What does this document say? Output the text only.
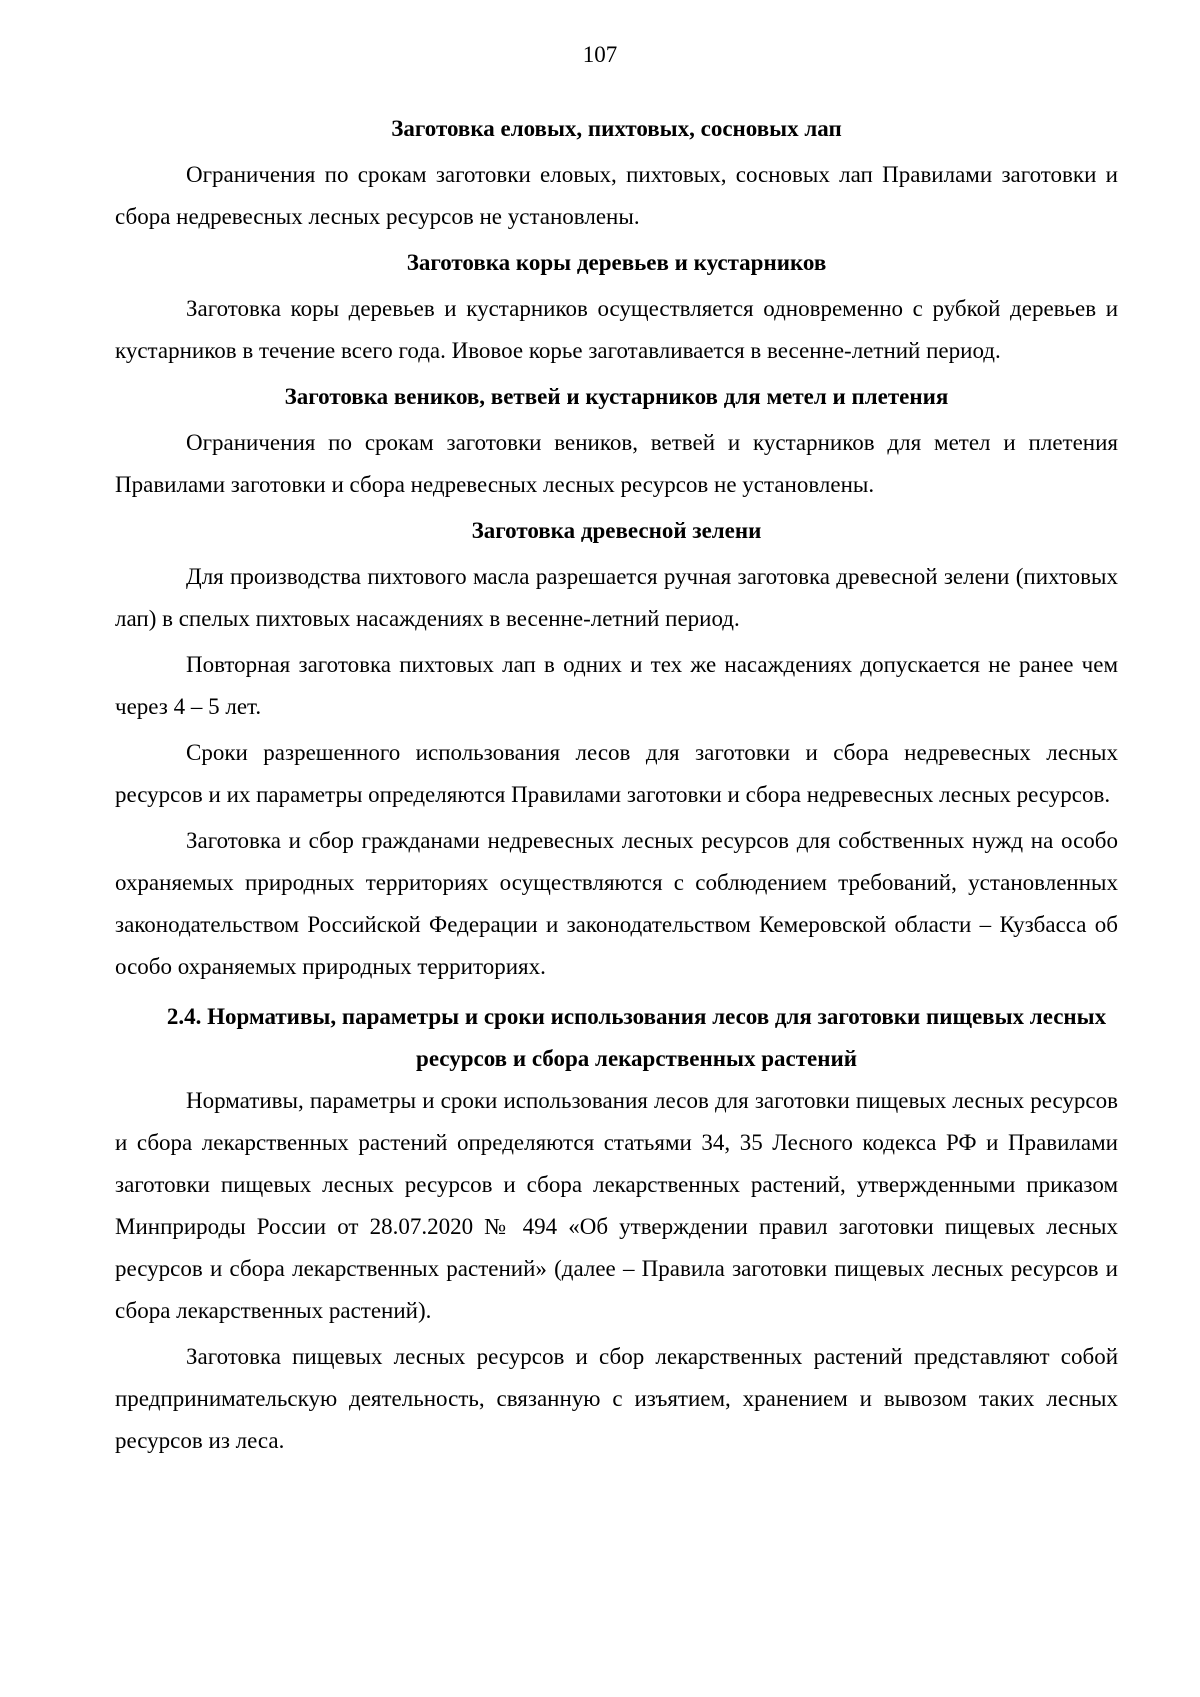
107
Заготовка еловых, пихтовых, сосновых лап

Ограничения по срокам заготовки еловых, пихтовых, сосновых лап Правилами заготовки и сбора недревесных лесных ресурсов не установлены.

Заготовка коры деревьев и кустарников

Заготовка коры деревьев и кустарников осуществляется одновременно с рубкой деревьев и кустарников в течение всего года. Ивовое корье заготавливается в весенне-летний период.

Заготовка веников, ветвей и кустарников для метел и плетения

Ограничения по срокам заготовки веников, ветвей и кустарников для метел и плетения Правилами заготовки и сбора недревесных лесных ресурсов не установлены.

Заготовка древесной зелени

Для производства пихтового масла разрешается ручная заготовка древесной зелени (пихтовых лап) в спелых пихтовых насаждениях в весенне-летний период.

Повторная заготовка пихтовых лап в одних и тех же насаждениях допускается не ранее чем через 4 – 5 лет.

Сроки разрешенного использования лесов для заготовки и сбора недревесных лесных ресурсов и их параметры определяются Правилами заготовки и сбора недревесных лесных ресурсов.

Заготовка и сбор гражданами недревесных лесных ресурсов для собственных нужд на особо охраняемых природных территориях осуществляются с соблюдением требований, установленных законодательством Российской Федерации и законодательством Кемеровской области – Кузбасса об особо охраняемых природных территориях.

2.4. Нормативы, параметры и сроки использования лесов для заготовки пищевых лесных ресурсов и сбора лекарственных растений

Нормативы, параметры и сроки использования лесов для заготовки пищевых лесных ресурсов и сбора лекарственных растений определяются статьями 34, 35 Лесного кодекса РФ и Правилами заготовки пищевых лесных ресурсов и сбора лекарственных растений, утвержденными приказом Минприроды России от 28.07.2020 № 494 «Об утверждении правил заготовки пищевых лесных ресурсов и сбора лекарственных растений» (далее – Правила заготовки пищевых лесных ресурсов и сбора лекарственных растений).

Заготовка пищевых лесных ресурсов и сбор лекарственных растений представляют собой предпринимательскую деятельность, связанную с изъятием, хранением и вывозом таких лесных ресурсов из леса.
